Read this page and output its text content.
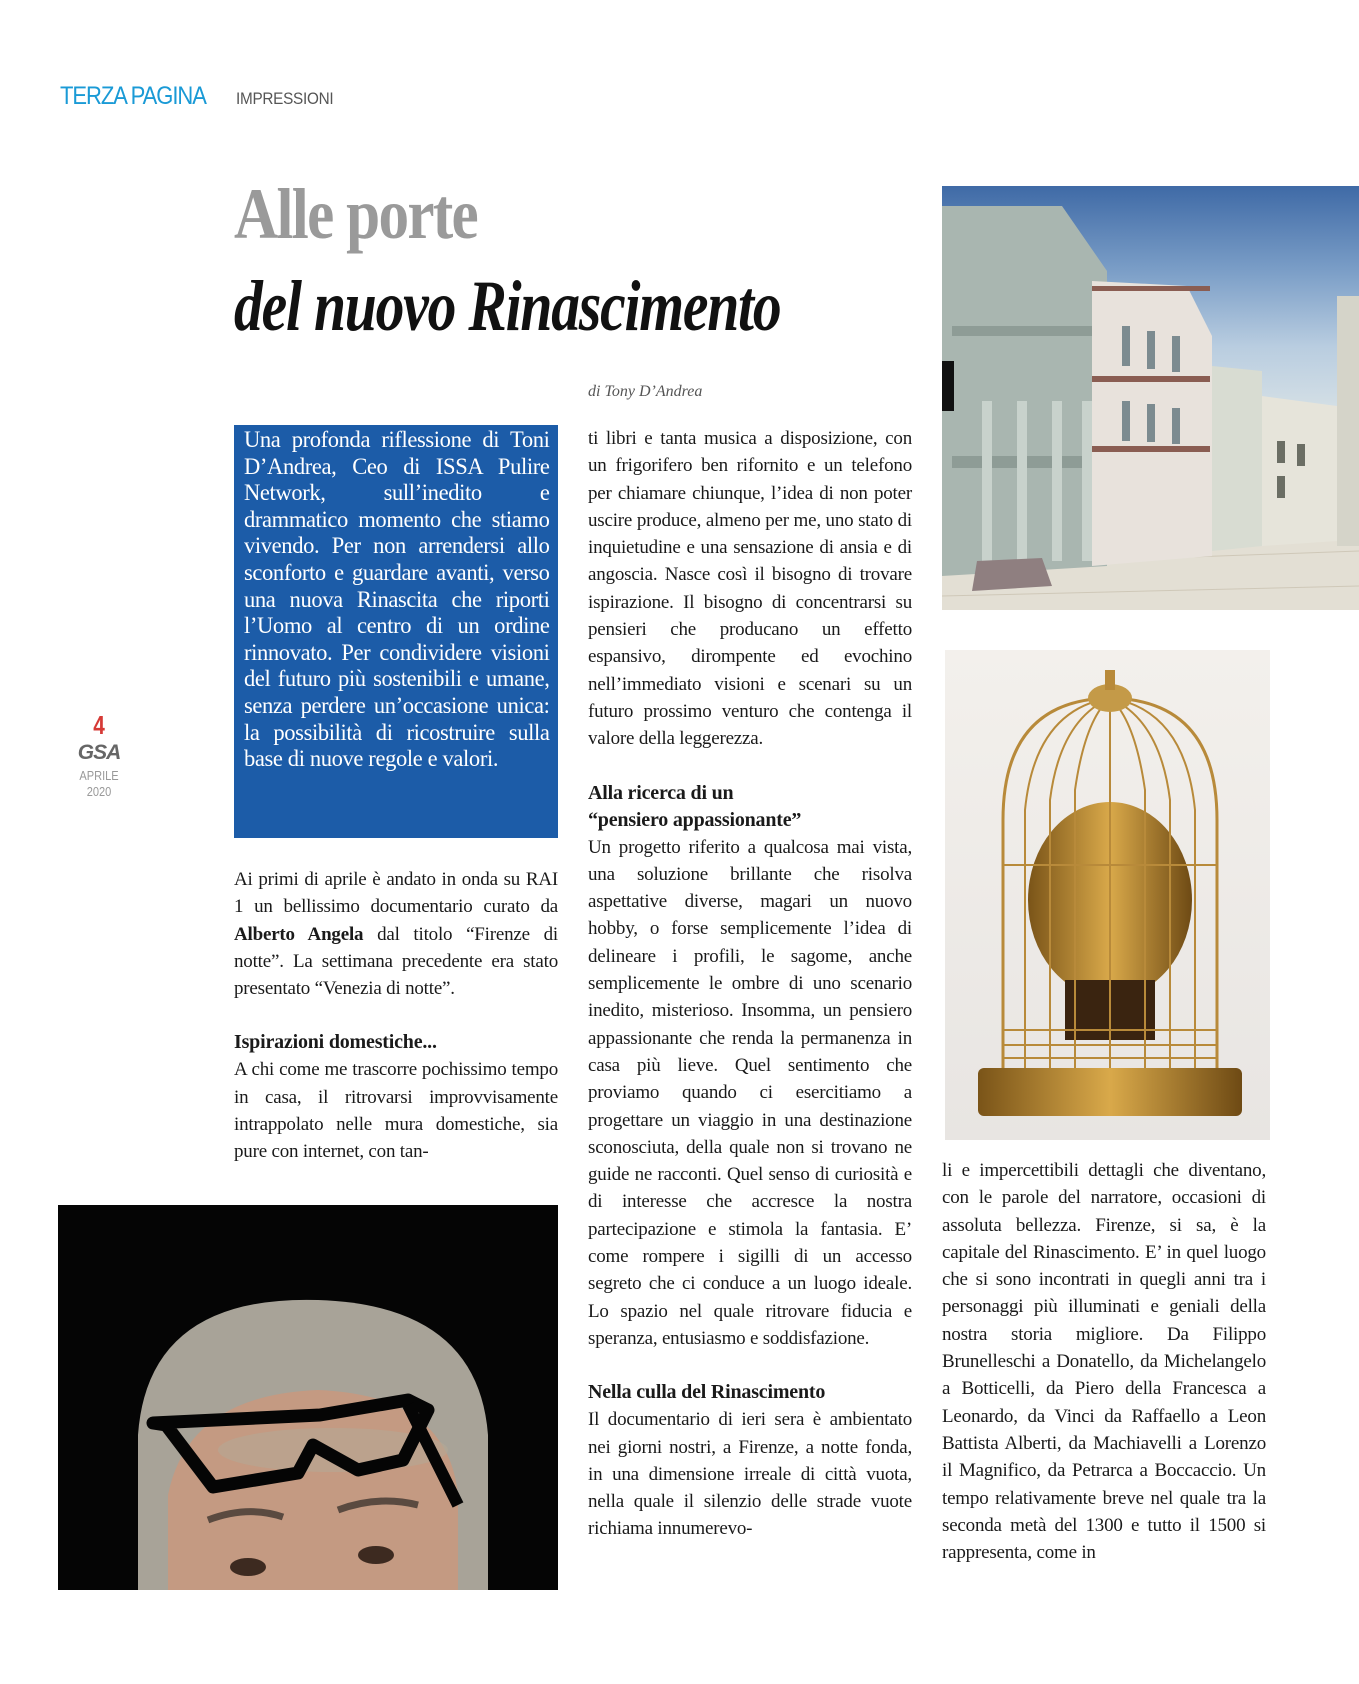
TERZA PAGINA IMPRESSIONI
Alle porte
del nuovo Rinascimento
di Tony D’Andrea
4
GSA
APRILE
2020

Una profonda riflessione di Toni D’Andrea, Ceo di ISSA Pulire Network, sull’inedito e drammatico momento che stiamo vivendo. Per non arrendersi allo sconforto e guardare avanti, verso una nuova Rinascita che riporti l’Uomo al centro di un ordine rinnovato. Per condividere visioni del futuro più sostenibili e umane, senza perdere un’occasione unica: la possibilità di ricostruire sulla base di nuove regole e valori.

Ai primi di aprile è andato in onda su RAI 1 un bellissimo documentario curato da Alberto Angela dal titolo “Firenze di notte”. La settimana precedente era stato presentato “Venezia di notte”.

Ispirazioni domestiche...

A chi come me trascorre pochissimo tempo in casa, il ritrovarsi improvvisamente intrappolato nelle mura domestiche, sia pure con internet, con tan-

ti libri e tanta musica a disposizione, con un frigorifero ben rifornito e un telefono per chiamare chiunque, l’idea di non poter uscire produce, almeno per me, uno stato di inquietudine e una sensazione di ansia e di angoscia. Nasce così il bisogno di trovare ispirazione. Il bisogno di concentrarsi su pensieri che producano un effetto espansivo, dirompente ed evochino nell’immediato visioni e scenari su un futuro prossimo venturo che contenga il valore della leggerezza.

Alla ricerca di un
“pensiero appassionante”

Un progetto riferito a qualcosa mai vista, una soluzione brillante che risolva aspettative diverse, magari un nuovo hobby, o forse semplicemente l’idea di delineare i profili, le sagome, anche semplicemente le ombre di uno scenario inedito, misterioso. Insomma, un pensiero appassionante che renda la permanenza in casa più lieve. Quel sentimento che proviamo quando ci esercitiamo a progettare un viaggio in una destinazione sconosciuta, della quale non si trovano ne guide ne racconti. Quel senso di curiosità e di interesse che accresce la nostra partecipazione e stimola la fantasia. E’ come rompere i sigilli di un accesso segreto che ci conduce a un luogo ideale. Lo spazio nel quale ritrovare fiducia e speranza, entusiasmo e soddisfazione.

Nella culla del Rinascimento

Il documentario di ieri sera è ambientato nei giorni nostri, a Firenze, a notte fonda, in una dimensione irreale di città vuota, nella quale il silenzio delle strade vuote richiama innumerevo-

li e impercettibili dettagli che diventano, con le parole del narratore, occasioni di assoluta bellezza. Firenze, si sa, è la capitale del Rinascimento. E’ in quel luogo che si sono incontrati in quegli anni tra i personaggi più illuminati e geniali della nostra storia migliore. Da Filippo Brunelleschi a Donatello, da Michelangelo a Botticelli, da Piero della Francesca a Leonardo, da Vinci da Raffaello a Leon Battista Alberti, da Machiavelli a Lorenzo il Magnifico, da Petrarca a Boccaccio. Un tempo relativamente breve nel quale tra la seconda metà del 1300 e tutto il 1500 si rappresenta, come in
